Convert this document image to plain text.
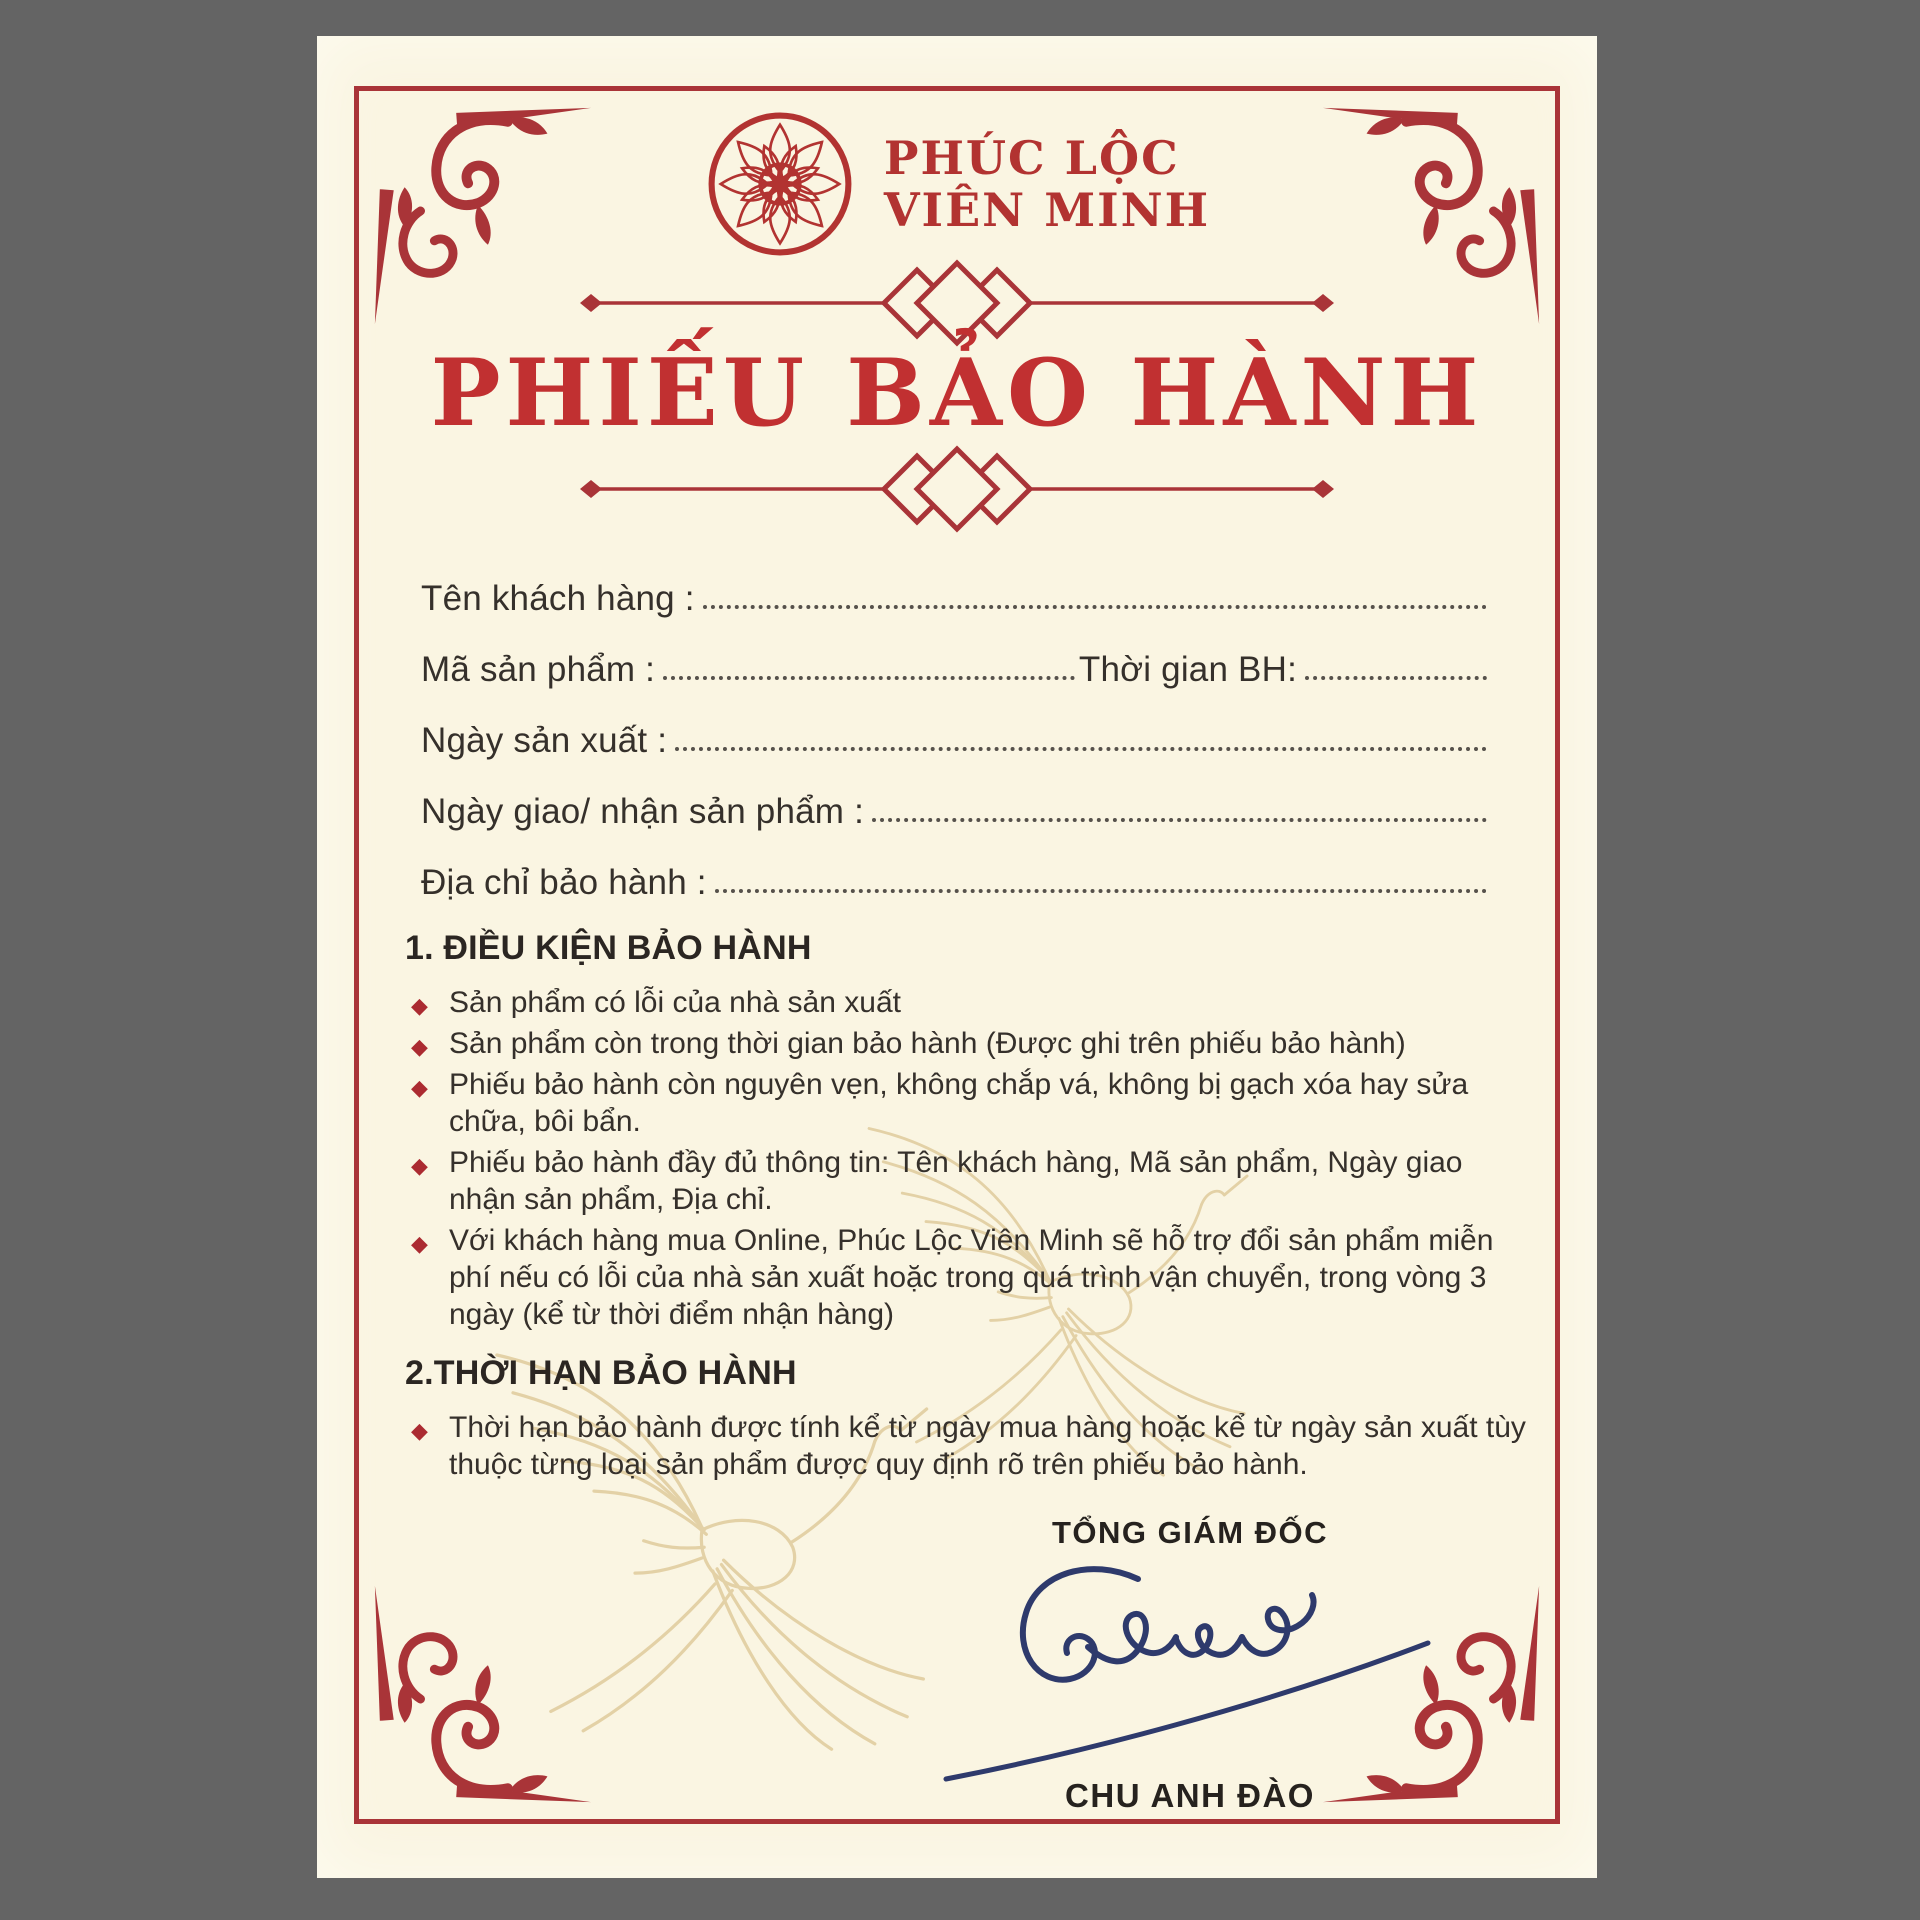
PHÚC LỘC
VIÊN MINH
PHIẾU BẢO HÀNH
Tên khách hàng :
Mã sản phẩm :	Thời gian BH:
Ngày sản xuất :
Ngày giao/ nhận sản phẩm :
Địa chỉ bảo hành :
1. ĐIỀU KIỆN BẢO HÀNH
◆ Sản phẩm có lỗi của nhà sản xuất
◆ Sản phẩm còn trong thời gian bảo hành (Được ghi trên phiếu bảo hành)
◆ Phiếu bảo hành còn nguyên vẹn, không chắp vá, không bị gạch xóa hay sửa chữa, bôi bẩn.
◆ Phiếu bảo hành đầy đủ thông tin: Tên khách hàng, Mã sản phẩm, Ngày giao nhận sản phẩm, Địa chỉ.
◆ Với khách hàng mua Online, Phúc Lộc Viên Minh sẽ hỗ trợ đổi sản phẩm miễn phí nếu có lỗi của nhà sản xuất hoặc trong quá trình vận chuyển, trong vòng 3 ngày (kể từ thời điểm nhận hàng)
2.THỜI HẠN BẢO HÀNH
◆ Thời hạn bảo hành được tính kể từ ngày mua hàng hoặc kể từ ngày sản xuất tùy thuộc từng loại sản phẩm được quy định rõ trên phiếu bảo hành.
TỔNG GIÁM ĐỐC
CHU ANH ĐÀO
